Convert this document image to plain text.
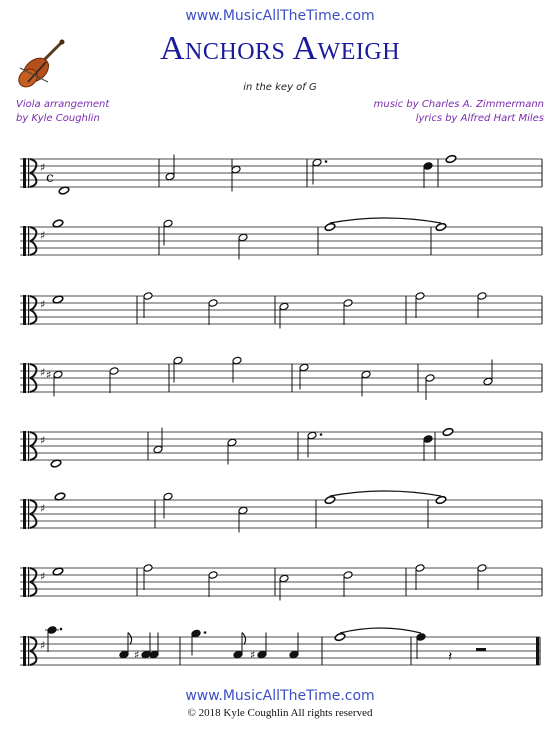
www.MusicAllTheTime.com
Anchors Aweigh
in the key of G
Viola arrangement
by Kyle Coughlin
music by Charles A. Zimmermann
lyrics by Alfred Hart Miles
♯
c
♯
♯
♯ ♯
♯
♯
♯
♯
♯	♯	𝄽
www.MusicAllTheTime.com
© 2018 Kyle Coughlin All rights reserved
